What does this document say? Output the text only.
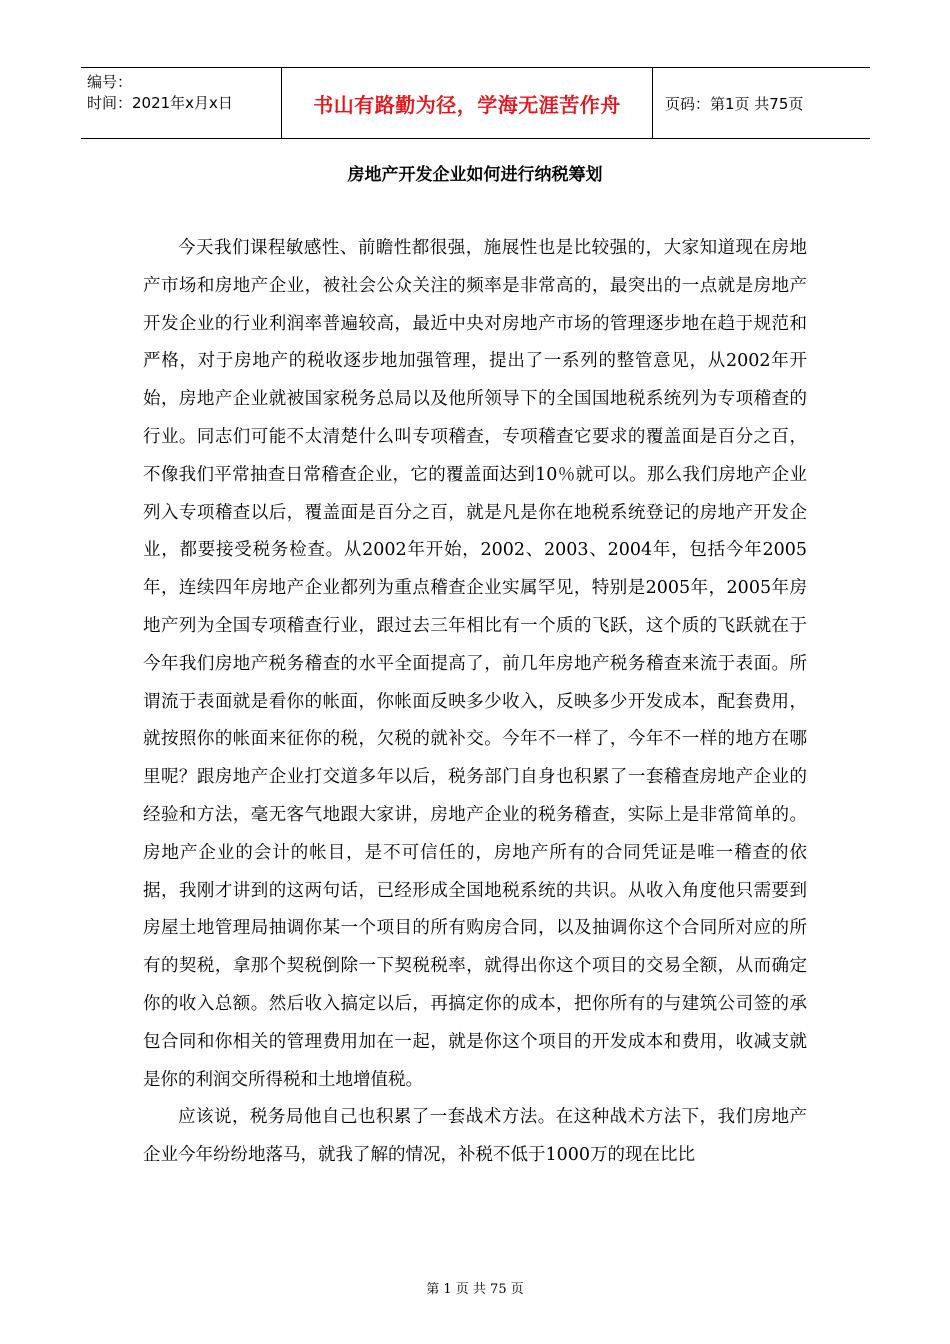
编号：
时间：2021年x月x日	书山有路勤为径，学海无涯苦作舟	页码：第1页 共75页
房地产开发企业如何进行纳税筹划

今天我们课程敏感性、前瞻性都很强，施展性也是比较强的，大家知道现在房地产市场和房地产企业，被社会公众关注的频率是非常高的，最突出的一点就是房地产开发企业的行业利润率普遍较高，最近中央对房地产市场的管理逐步地在趋于规范和严格，对于房地产的税收逐步地加强管理，提出了一系列的整管意见，从2002年开始，房地产企业就被国家税务总局以及他所领导下的全国国地税系统列为专项稽查的行业。同志们可能不太清楚什么叫专项稽查，专项稽查它要求的覆盖面是百分之百，不像我们平常抽查日常稽查企业，它的覆盖面达到10％就可以。那么我们房地产企业列入专项稽查以后，覆盖面是百分之百，就是凡是你在地税系统登记的房地产开发企业，都要接受税务检查。从2002年开始，2002、2003、2004年，包括今年2005年，连续四年房地产企业都列为重点稽查企业实属罕见，特别是2005年，2005年房地产列为全国专项稽查行业，跟过去三年相比有一个质的飞跃，这个质的飞跃就在于今年我们房地产税务稽查的水平全面提高了，前几年房地产税务稽查来流于表面。所谓流于表面就是看你的帐面，你帐面反映多少收入，反映多少开发成本，配套费用，就按照你的帐面来征你的税，欠税的就补交。今年不一样了，今年不一样的地方在哪里呢？跟房地产企业打交道多年以后，税务部门自身也积累了一套稽查房地产企业的经验和方法，毫无客气地跟大家讲，房地产企业的税务稽查，实际上是非常简单的。房地产企业的会计的帐目，是不可信任的，房地产所有的合同凭证是唯一稽查的依据，我刚才讲到的这两句话，已经形成全国地税系统的共识。从收入角度他只需要到房屋土地管理局抽调你某一个项目的所有购房合同，以及抽调你这个合同所对应的所有的契税，拿那个契税倒除一下契税税率，就得出你这个项目的交易全额，从而确定你的收入总额。然后收入搞定以后，再搞定你的成本，把你所有的与建筑公司签的承包合同和你相关的管理费用加在一起，就是你这个项目的开发成本和费用，收减支就是你的利润交所得税和土地增值税。

应该说，税务局他自己也积累了一套战术方法。在这种战术方法下，我们房地产企业今年纷纷地落马，就我了解的情况，补税不低于1000万的现在比比

第 1 页 共 75 页
